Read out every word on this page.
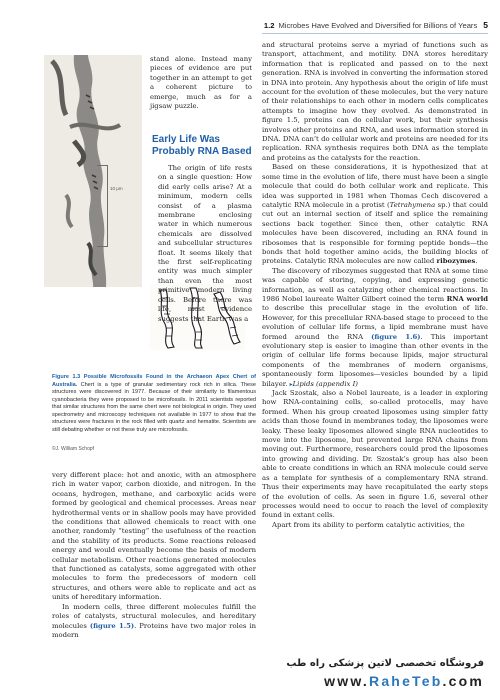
1.2 Microbes Have Evolved and Diversified for Billions of Years 5
10 μm

stand alone. Instead many pieces of evidence are put together in an attempt to get a coherent picture to emerge, much as for a jigsaw puzzle.

Early Life Was Probably RNA Based

The origin of life rests on a single question: How did early cells arise? At a minimum, modern cells consist of a plasma membrane enclosing water in which numerous chemicals are dissolved and subcellular structures float. It seems likely that the first self-replicating entity was much simpler than even the most primitive modern living cells. Before there was life, most evidence suggests that Earth was a

Figure 1.3 Possible Microfossils Found in the Archaeon Apex Chert of Australia. Chert is a type of granular sedimentary rock rich in silica. These structures were discovered in 1977. Because of their similarity to filamentous cyanobacteria they were proposed to be microfossils. In 2011 scientists reported that similar structures from the same chert were not biological in origin. They used spectrometry and microscopy techniques not available in 1977 to show that the structures were fractures in the rock filled with quartz and hematite. Scientists are still debating whether or not these truly are microfossils.
©J. William Schopf

very different place: hot and anoxic, with an atmosphere rich in water vapor, carbon dioxide, and nitrogen. In the oceans, hydrogen, methane, and carboxylic acids were formed by geological and chemical processes. Areas near hydrothermal vents or in shallow pools may have provided the conditions that allowed chemicals to react with one another, randomly “testing” the usefulness of the reaction and the stability of its products. Some reactions released energy and would eventually become the basis of modern cellular metabolism. Other reactions generated molecules that functioned as catalysts, some aggregated with other molecules to form the predecessors of modern cell structures, and others were able to replicate and act as units of hereditary information.

In modern cells, three different molecules fulfill the roles of catalysts, structural molecules, and hereditary molecules (figure 1.5). Proteins have two major roles in modern

and structural proteins serve a myriad of functions such as transport, attachment, and motility. DNA stores hereditary information that is replicated and passed on to the next generation. RNA is involved in converting the information stored in DNA into protein. Any hypothesis about the origin of life must account for the evolution of these molecules, but the very nature of their relationships to each other in modern cells complicates attempts to imagine how they evolved. As demonstrated in figure 1.5, proteins can do cellular work, but their synthesis involves other proteins and RNA, and uses information stored in DNA. DNA can’t do cellular work and proteins are needed for its replication. RNA synthesis requires both DNA as the template and proteins as the catalysts for the reaction.

Based on these considerations, it is hypothesized that at some time in the evolution of life, there must have been a single molecule that could do both cellular work and replicate. This idea was supported in 1981 when Thomas Cech discovered a catalytic RNA molecule in a protist (Tetrahymena sp.) that could cut out an internal section of itself and splice the remaining sections back together. Since then, other catalytic RNA molecules have been discovered, including an RNA found in ribosomes that is responsible for forming peptide bonds—the bonds that hold together amino acids, the building blocks of proteins. Catalytic RNA molecules are now called ribozymes.

The discovery of ribozymes suggested that RNA at some time was capable of storing, copying, and expressing genetic information, as well as catalyzing other chemical reactions. In 1986 Nobel laureate Walter Gilbert coined the term RNA world to describe this precellular stage in the evolution of life. However, for this precellular RNA-based stage to proceed to the evolution of cellular life forms, a lipid membrane must have formed around the RNA (figure 1.6). This important evolutionary step is easier to imagine than other events in the origin of cellular life forms because lipids, major structural components of the membranes of modern organisms, spontaneously form liposomes—vesicles bounded by a lipid bilayer. ▸Lipids (appendix I)

Jack Szostak, also a Nobel laureate, is a leader in exploring how RNA-containing cells, so-called protocells, may have formed. When his group created liposomes using simpler fatty acids than those found in membranes today, the liposomes were leaky. These leaky liposomes allowed single RNA nucleotides to move into the liposome, but prevented large RNA chains from moving out. Furthermore, researchers could prod the liposomes into growing and dividing. Dr. Szostak’s group has also been able to create conditions in which an RNA molecule could serve as a template for synthesis of a complementary RNA strand. Thus their experiments may have recapitulated the early steps of the evolution of cells. As seen in figure 1.6, several other processes would need to occur to reach the level of complexity found in extant cells.

Apart from its ability to perform catalytic activities, the

فروشگاه تخصصی لاتین پزشکی راه طب
www.RaheTeb.com
